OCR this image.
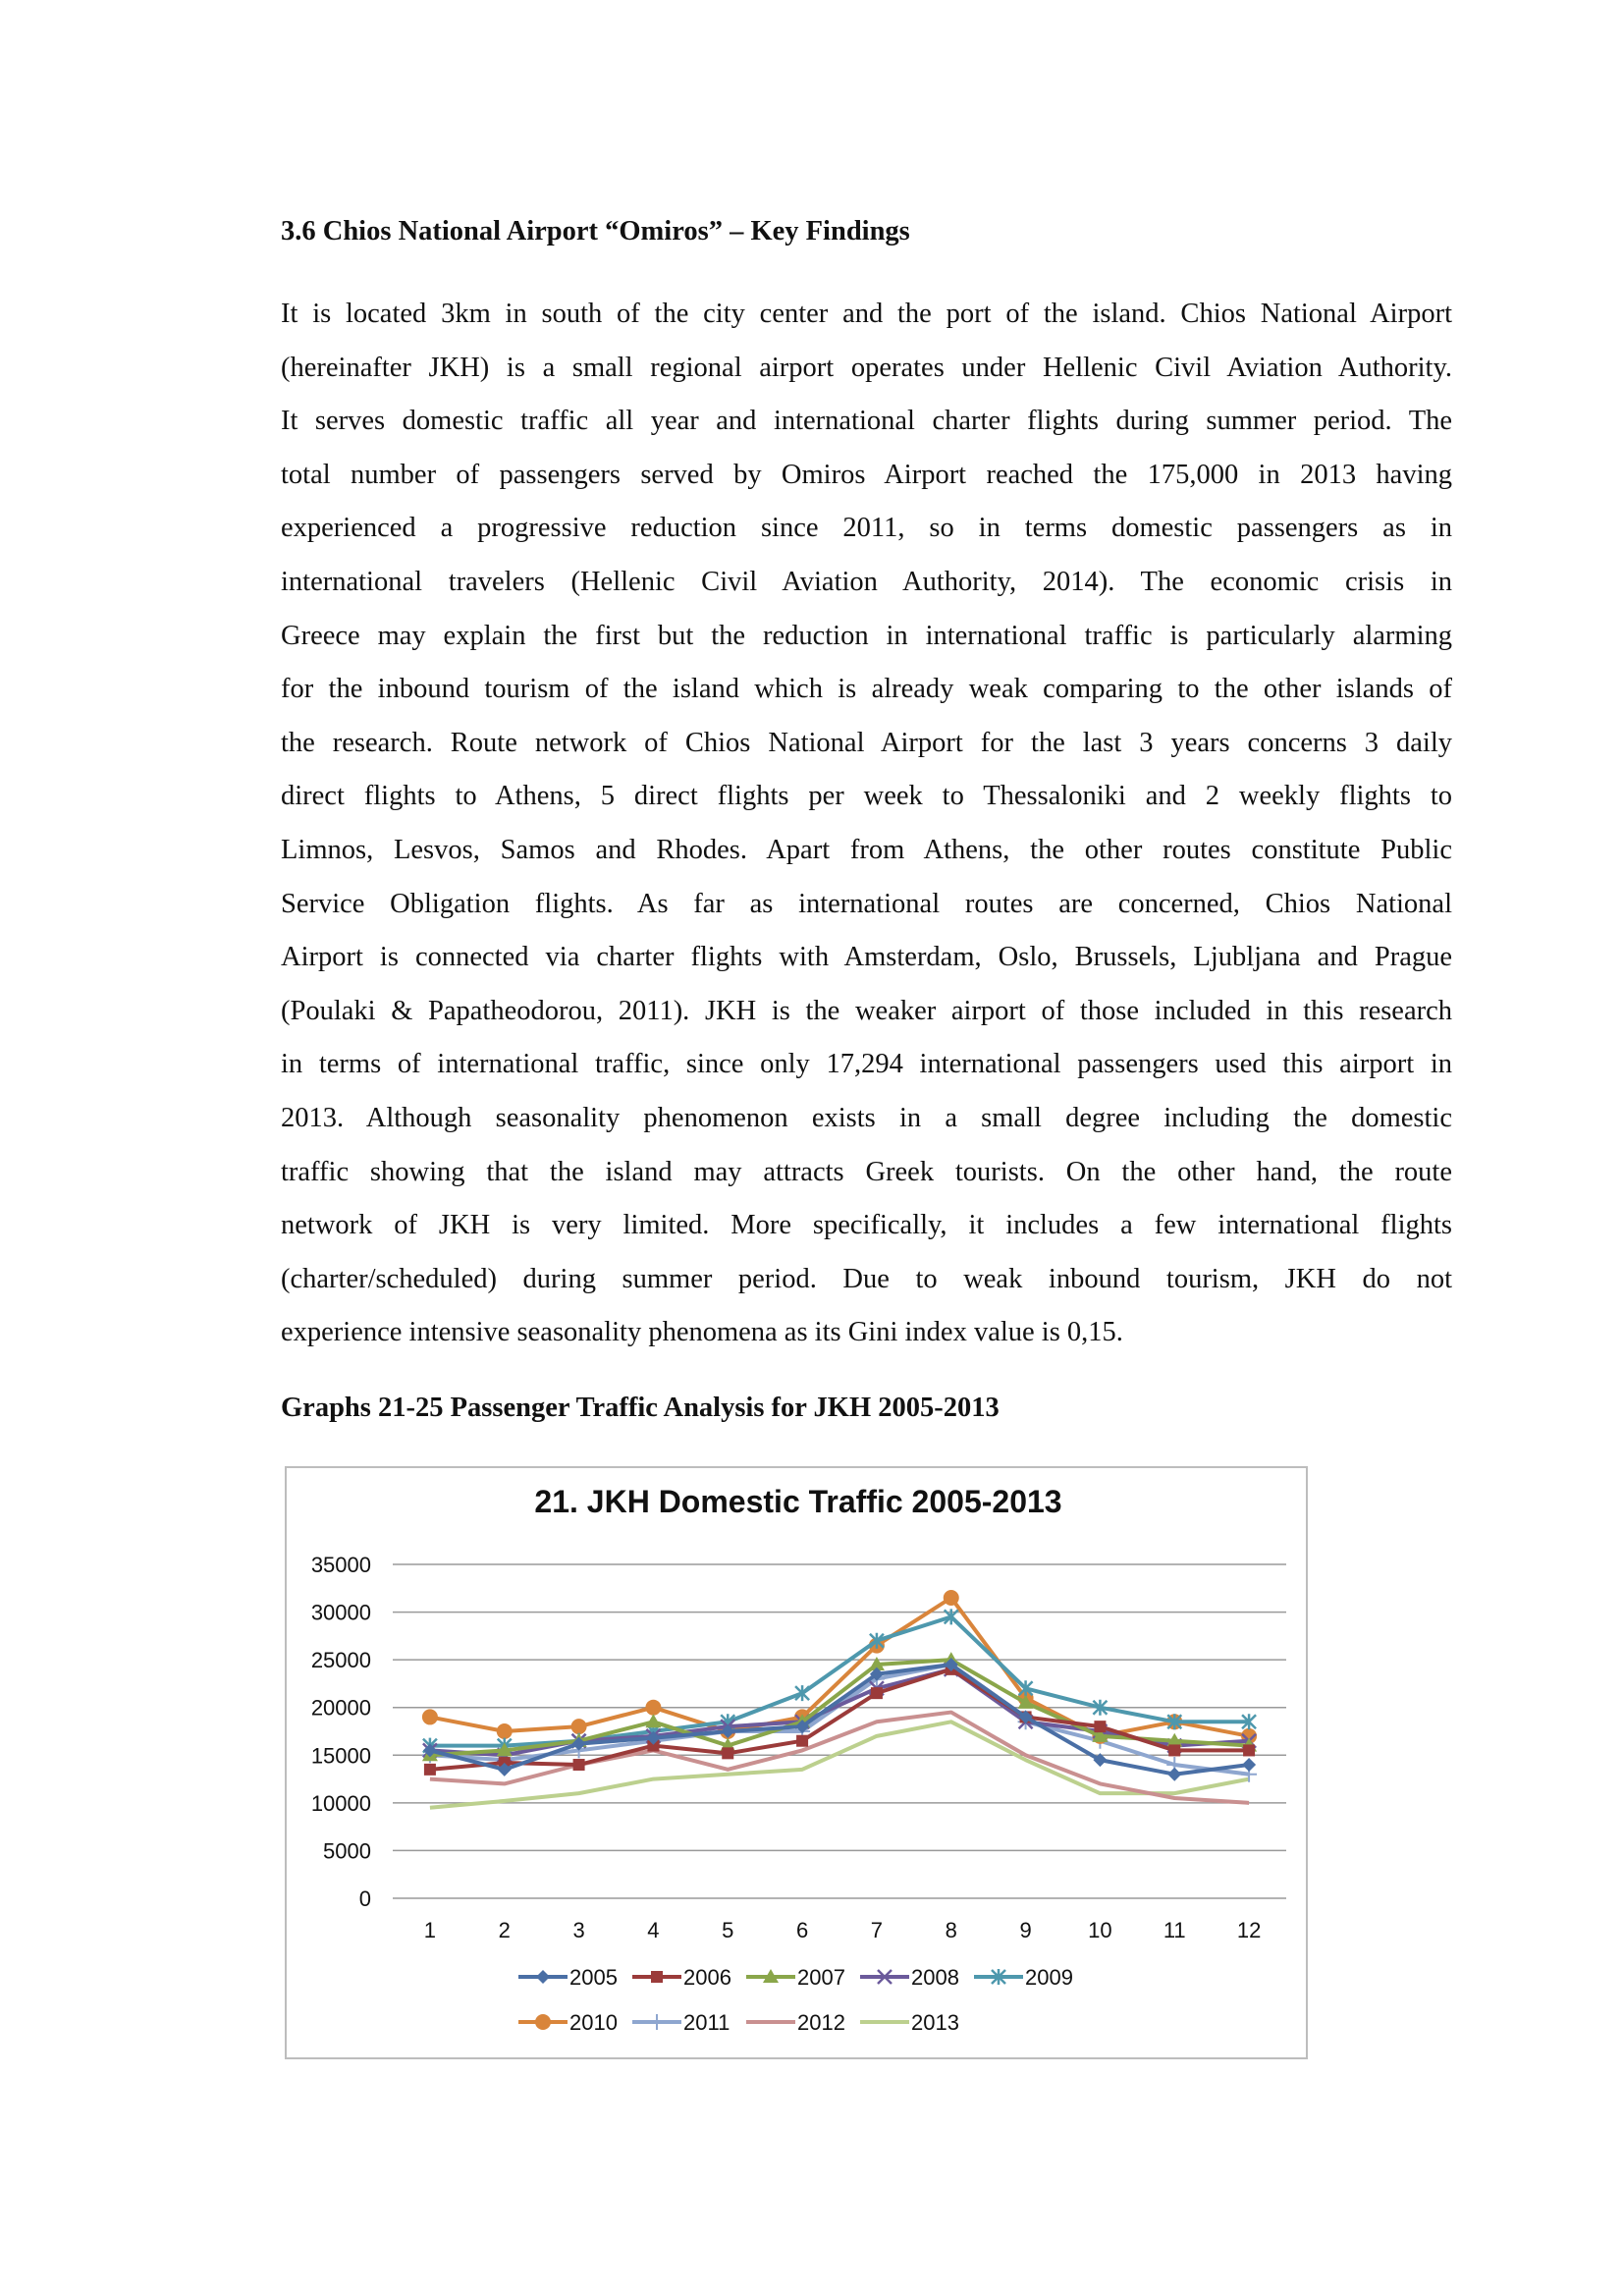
3.6 Chios National Airport “Omiros” – Key Findings
It is located 3km in south of the city center and the port of the island. Chios National Airport
(hereinafter JKH) is a small regional airport operates under Hellenic Civil Aviation Authority.
It serves domestic traffic all year and international charter flights during summer period. The
total number of passengers served by Omiros Airport reached the 175,000 in 2013 having
experienced a progressive reduction since 2011, so in terms domestic passengers as in
international travelers (Hellenic Civil Aviation Authority, 2014). The economic crisis in
Greece may explain the first but the reduction in international traffic is particularly alarming
for the inbound tourism of the island which is already weak comparing to the other islands of
the research. Route network of Chios National Airport for the last 3 years concerns 3 daily
direct flights to Athens, 5 direct flights per week to Thessaloniki and 2 weekly flights to
Limnos, Lesvos, Samos and Rhodes. Apart from Athens, the other routes constitute Public
Service Obligation flights. As far as international routes are concerned, Chios National
Airport is connected via charter flights with Amsterdam, Oslo, Brussels, Ljubljana and Prague
(Poulaki & Papatheodorou, 2011). JKH is the weaker airport of those included in this research
in terms of international traffic, since only 17,294 international passengers used this airport in
2013. Although seasonality phenomenon exists in a small degree including the domestic
traffic showing that the island may attracts Greek tourists. On the other hand, the route
network of JKH is very limited. More specifically, it includes a few international flights
(charter/scheduled) during summer period. Due to weak inbound tourism, JKH do not
experience intensive seasonality phenomena as its Gini index value is 0,15.
Graphs 21-25 Passenger Traffic Analysis for JKH 2005-2013
21. JKH Domestic Traffic 2005-2013
0
5000
10000
15000
20000
25000
30000
35000
1	2	3	4	5	6	7	8	9	10 11 12
2005	2006	2007	2008	2009
2010	2011	2012	2013
